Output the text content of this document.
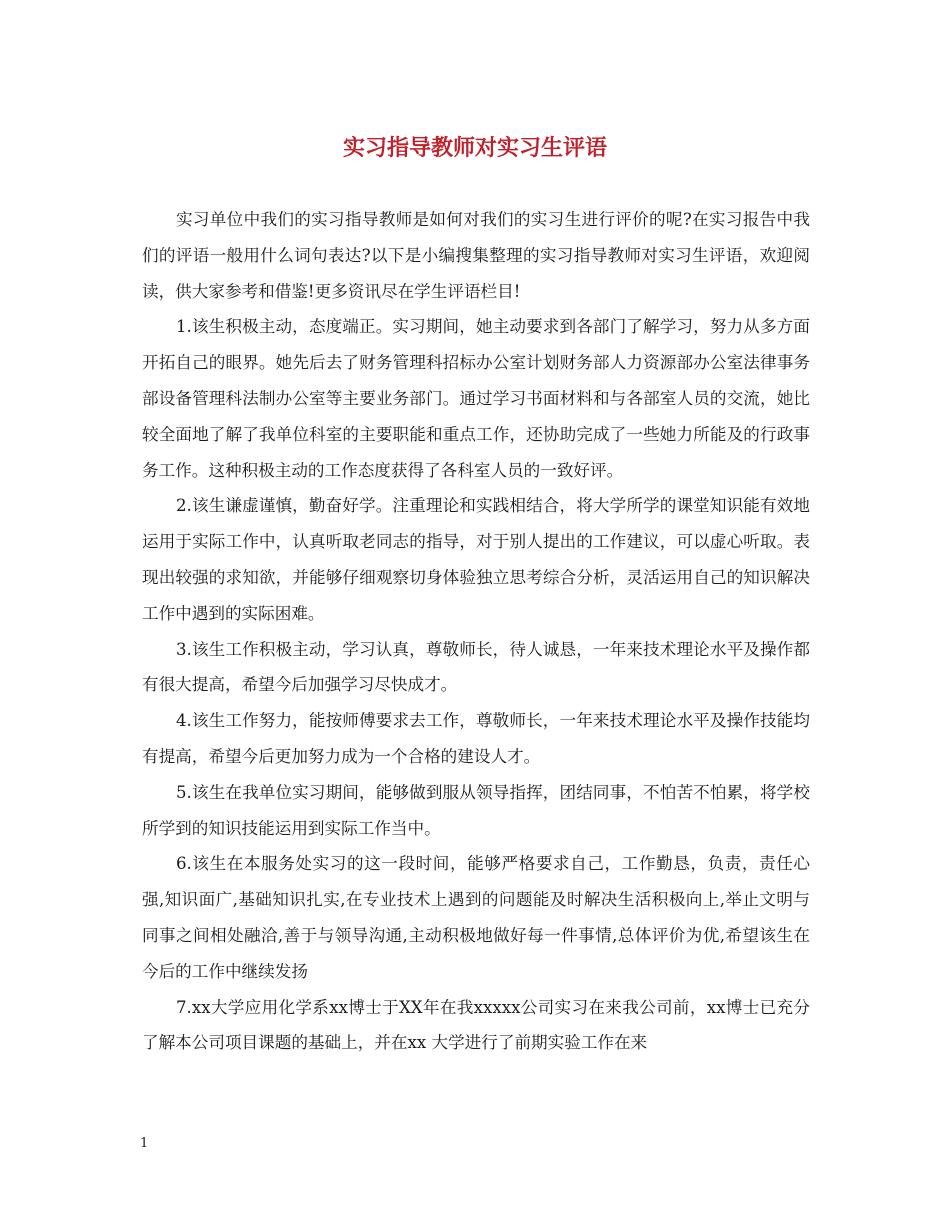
实习指导教师对实习生评语

实习单位中我们的实习指导教师是如何对我们的实习生进行评价的呢?在实习报告中我们的评语一般用什么词句表达?以下是小编搜集整理的实习指导教师对实习生评语，欢迎阅读，供大家参考和借鉴!更多资讯尽在学生评语栏目!

1.该生积极主动，态度端正。实习期间，她主动要求到各部门了解学习，努力从多方面开拓自己的眼界。她先后去了财务管理科招标办公室计划财务部人力资源部办公室法律事务部设备管理科法制办公室等主要业务部门。通过学习书面材料和与各部室人员的交流，她比较全面地了解了我单位科室的主要职能和重点工作，还协助完成了一些她力所能及的行政事务工作。这种积极主动的工作态度获得了各科室人员的一致好评。

2.该生谦虚谨慎，勤奋好学。注重理论和实践相结合，将大学所学的课堂知识能有效地运用于实际工作中，认真听取老同志的指导，对于别人提出的工作建议，可以虚心听取。表现出较强的求知欲，并能够仔细观察切身体验独立思考综合分析，灵活运用自己的知识解决工作中遇到的实际困难。

3.该生工作积极主动，学习认真，尊敬师长，待人诚恳，一年来技术理论水平及操作都有很大提高，希望今后加强学习尽快成才。

4.该生工作努力，能按师傅要求去工作，尊敬师长，一年来技术理论水平及操作技能均有提高，希望今后更加努力成为一个合格的建设人才。

5.该生在我单位实习期间，能够做到服从领导指挥，团结同事，不怕苦不怕累，将学校所学到的知识技能运用到实际工作当中。

6.该生在本服务处实习的这一段时间，能够严格要求自己，工作勤恳，负责，责任心强,知识面广,基础知识扎实,在专业技术上遇到的问题能及时解决生活积极向上,举止文明与同事之间相处融洽,善于与领导沟通,主动积极地做好每一件事情,总体评价为优,希望该生在今后的工作中继续发扬

7.xx大学应用化学系xx博士于XX年在我xxxxx公司实习在来我公司前，xx博士已充分了解本公司项目课题的基础上，并在xx 大学进行了前期实验工作在来

1
